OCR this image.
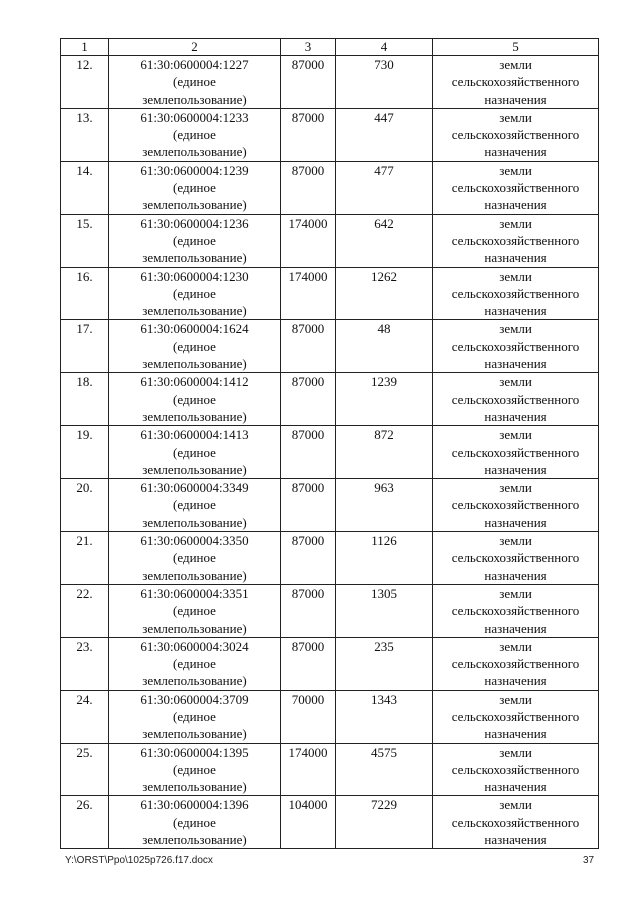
1	2	3	4	5
12.	61:30:0600004:1227
(единое
землепользование)	87000	730	земли
сельскохозяйственного
назначения

13.	61:30:0600004:1233
(единое
землепользование)	87000	447	земли
сельскохозяйственного
назначения

14.	61:30:0600004:1239
(единое
землепользование)	87000	477	земли
сельскохозяйственного
назначения

15.	61:30:0600004:1236
(единое
землепользование)	174000	642	земли
сельскохозяйственного
назначения

16.	61:30:0600004:1230
(единое
землепользование)	174000	1262	земли
сельскохозяйственного
назначения

17.	61:30:0600004:1624
(единое
землепользование)	87000	48	земли
сельскохозяйственного
назначения

18.	61:30:0600004:1412
(единое
землепользование)	87000	1239	земли
сельскохозяйственного
назначения

19.	61:30:0600004:1413
(единое
землепользование)	87000	872	земли
сельскохозяйственного
назначения

20.	61:30:0600004:3349
(единое
землепользование)	87000	963	земли
сельскохозяйственного
назначения

21.	61:30:0600004:3350
(единое
землепользование)	87000	1126	земли
сельскохозяйственного
назначения

22.	61:30:0600004:3351
(единое
землепользование)	87000	1305	земли
сельскохозяйственного
назначения

23.	61:30:0600004:3024
(единое
землепользование)	87000	235	земли
сельскохозяйственного
назначения

24.	61:30:0600004:3709
(единое
землепользование)	70000	1343	земли
сельскохозяйственного
назначения

25.	61:30:0600004:1395
(единое
землепользование)	174000	4575	земли
сельскохозяйственного
назначения

26.	61:30:0600004:1396
(единое
землепользование)	104000	7229	земли
сельскохозяйственного
назначения
Y:\ORST\Ppo\1025p726.f17.docx	37
